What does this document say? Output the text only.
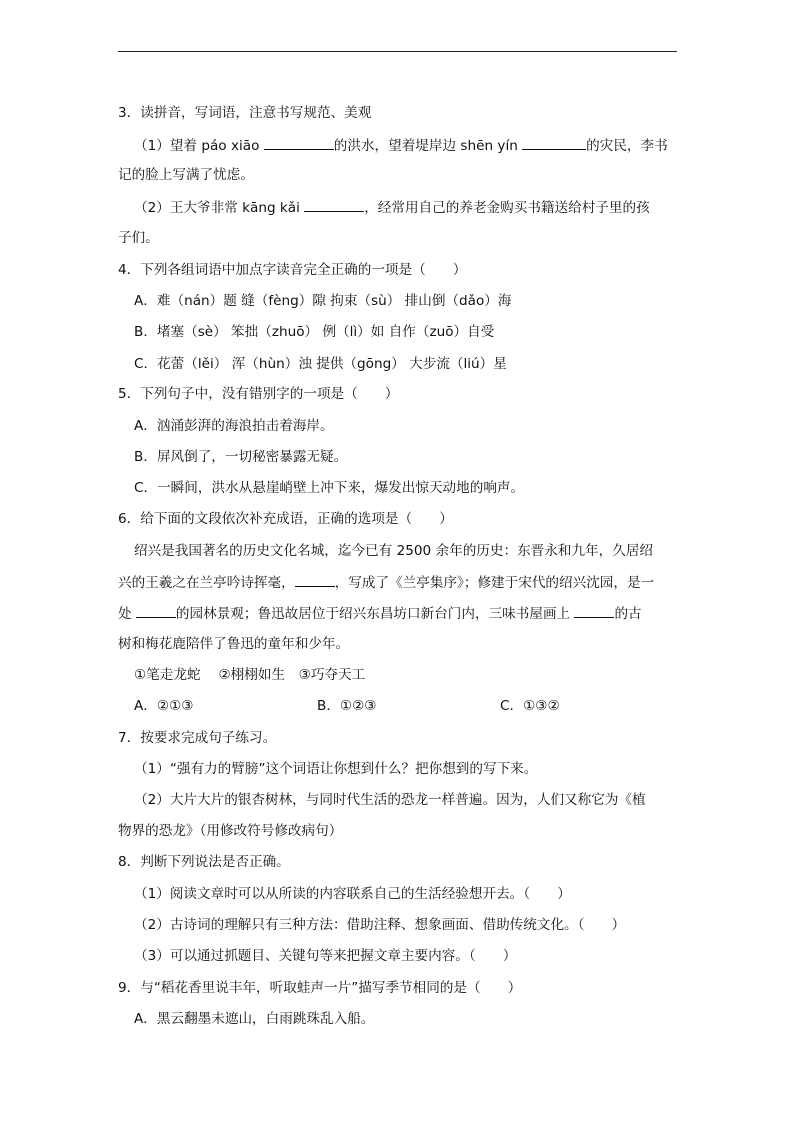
3．读拼音，写词语，注意书写规范、美观
（1）望着 páo xiāo	的洪水，望着堤岸边 shēn yín	的灾民，李书
记的脸上写满了忧虑。
（2）王大爷非常 kāng kǎi	，经常用自己的养老金购买书籍送给村子里的孩
子们。
4．下列各组词语中加点字读音完全正确的一项是（　　）
A．难（nán）题 缝（fèng）隙 拘束（sù） 排山倒（dǎo）海
B．堵塞（sè） 笨拙（zhuō） 例（lì）如 自作（zuō）自受
C．花蕾（lěi） 浑（hùn）浊 提供（gōng） 大步流（liú）星
5．下列句子中，没有错别字的一项是（　　）
A．汹涌彭湃的海浪拍击着海岸。
B．屏风倒了，一切秘密暴露无疑。
C．一瞬间，洪水从悬崖峭壁上冲下来，爆发出惊天动地的响声。
6．给下面的文段依次补充成语，正确的选项是（　　）
绍兴是我国著名的历史文化名城，迄今已有 2500 余年的历史：东晋永和九年，久居绍
兴的王羲之在兰亭吟诗挥毫，	，写成了《兰亭集序》；修建于宋代的绍兴沈园，是一
处	的园林景观；鲁迅故居位于绍兴东昌坊口新台门内，三味书屋画上	的古
树和梅花鹿陪伴了鲁迅的童年和少年。
①笔走龙蛇　 ②栩栩如生　③巧夺天工
A．②①③	B．①②③	C．①③②
7．按要求完成句子练习。
（1）“强有力的臂膀”这个词语让你想到什么？把你想到的写下来。
（2）大片大片的银杏树林，与同时代生活的恐龙一样普遍。因为，人们又称它为《植
物界的恐龙》（用修改符号修改病句）
8．判断下列说法是否正确。
（1）阅读文章时可以从所读的内容联系自己的生活经验想开去。（　　）
（2）古诗词的理解只有三种方法：借助注释、想象画面、借助传统文化。（　　）
（3）可以通过抓题目、关键句等来把握文章主要内容。（　　）
9．与“稻花香里说丰年，听取蛙声一片”描写季节相同的是（　　）
A．黑云翻墨未遮山，白雨跳珠乱入船。
